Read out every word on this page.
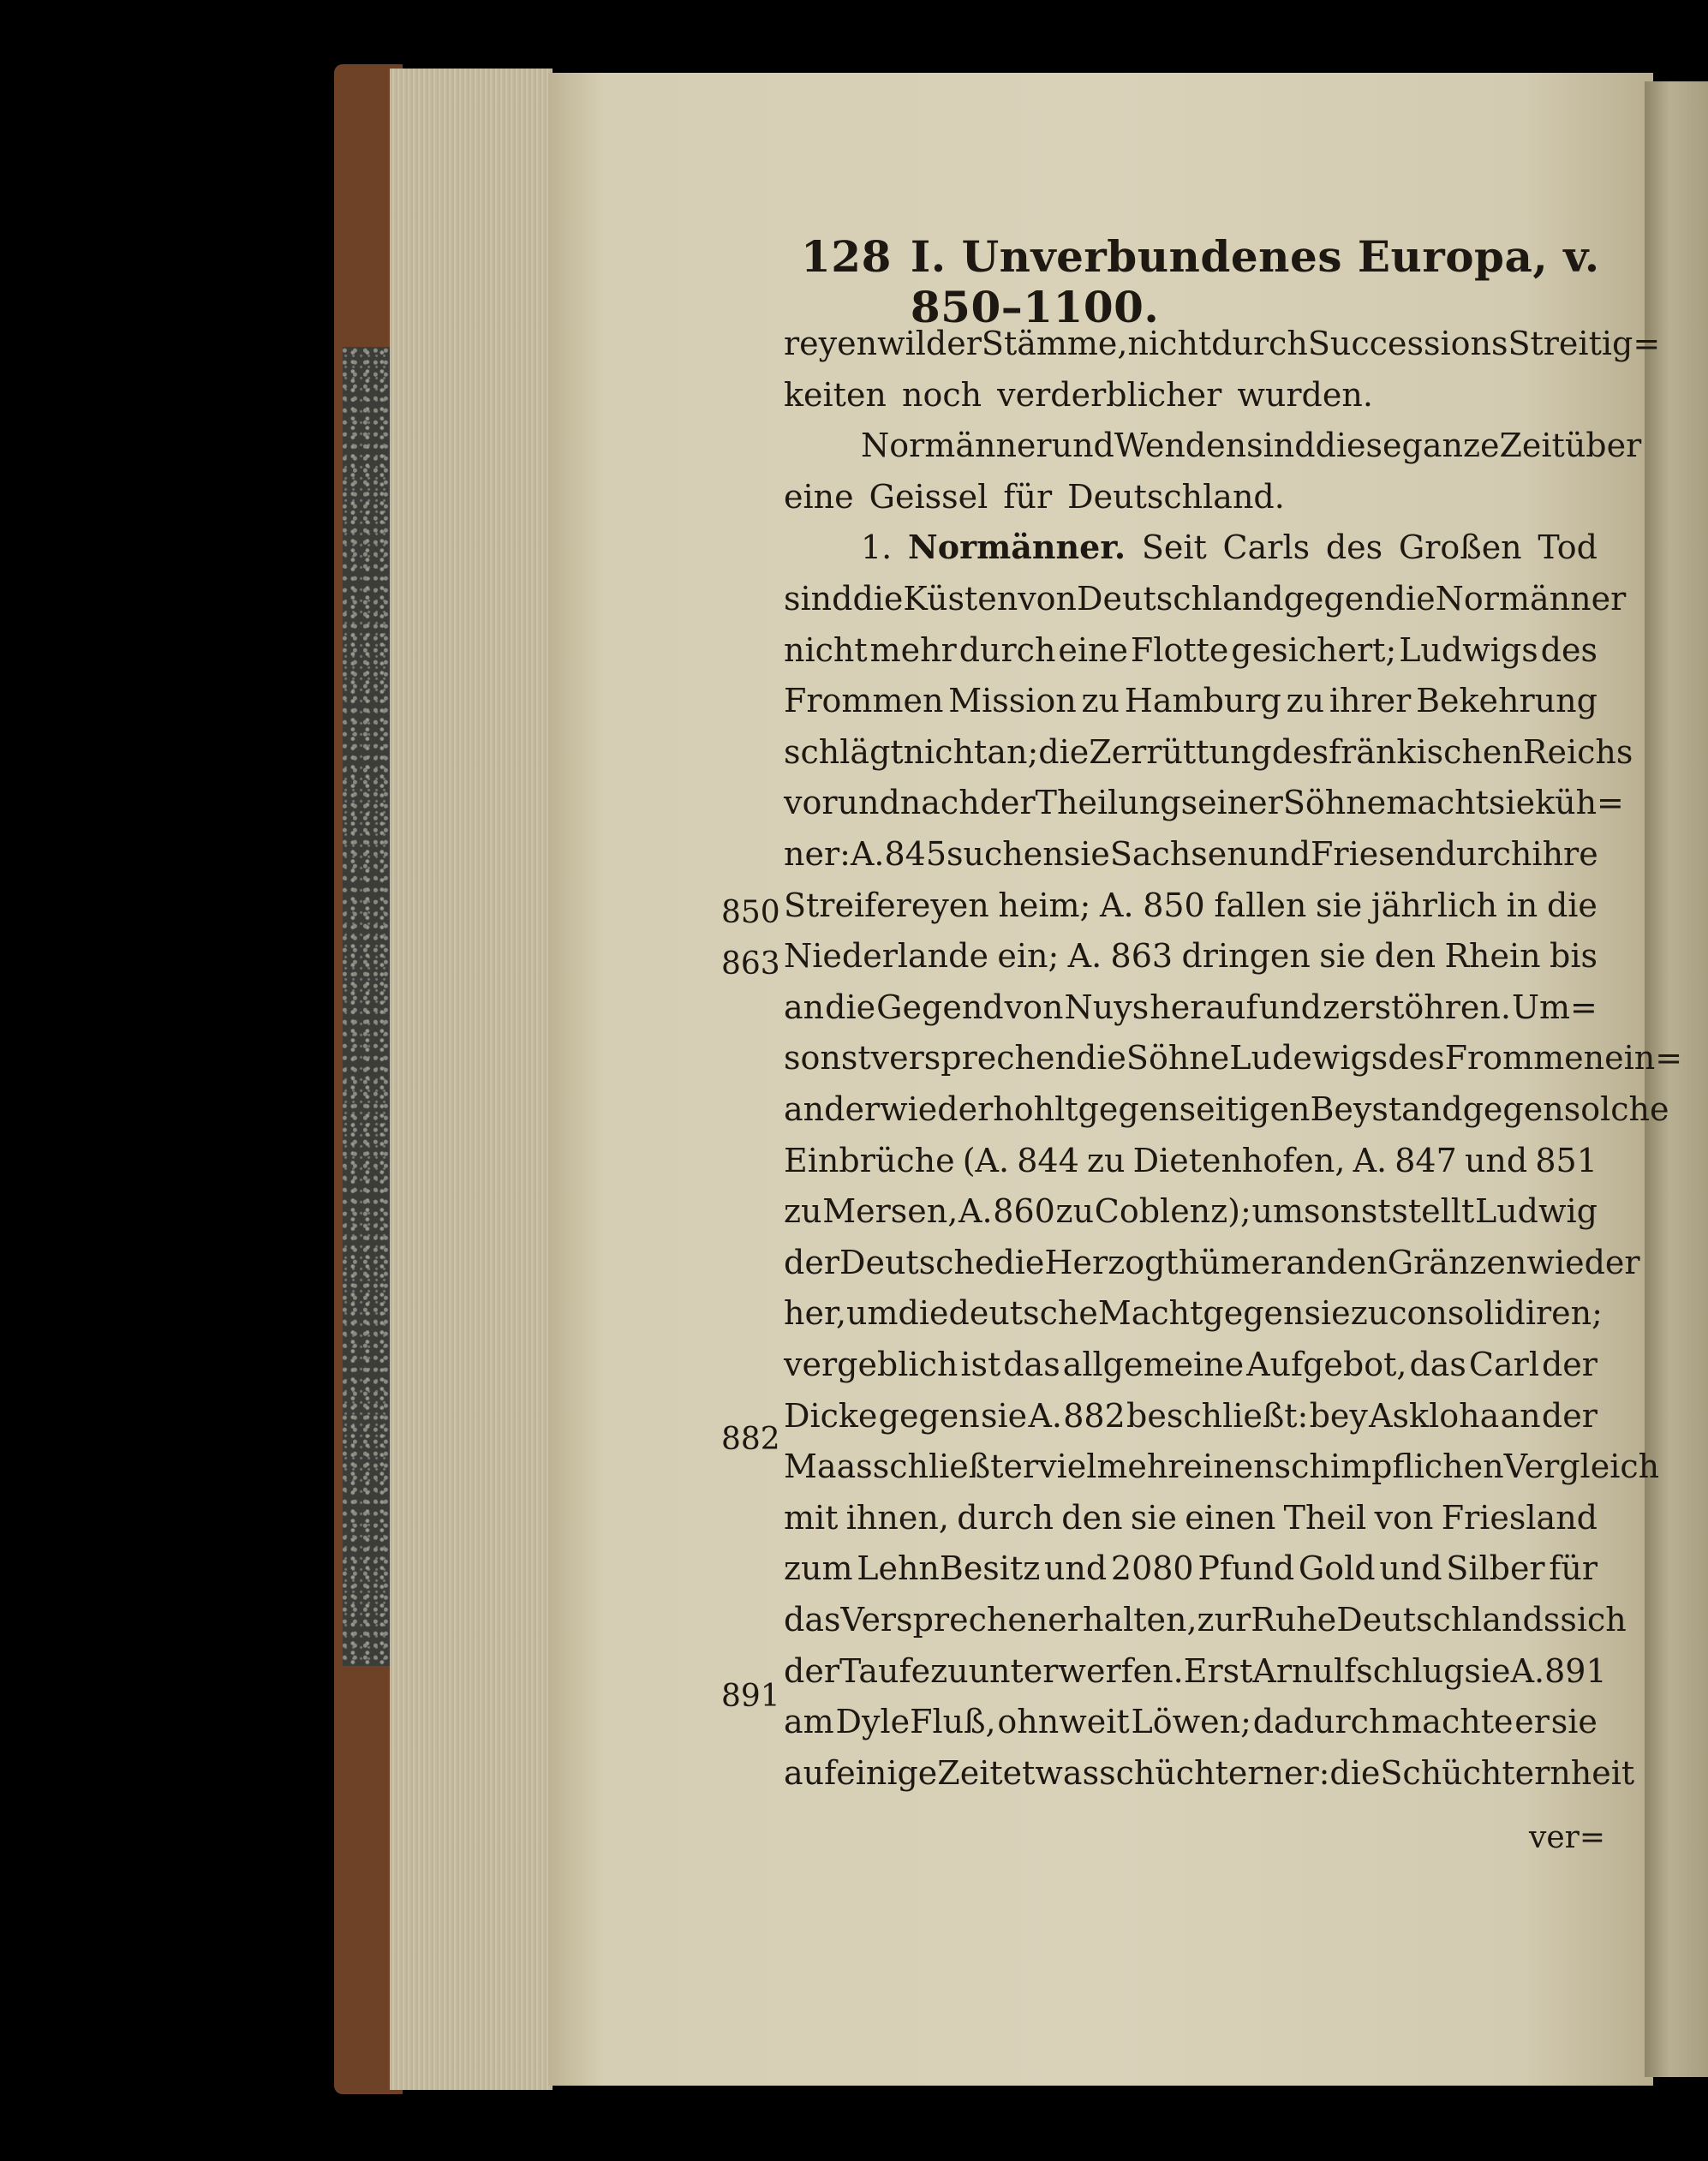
128 I. Unverbundenes Europa, v. 850–1100.
reyen wilder Stämme, nicht durch SuccessionsStreitig=
keiten noch verderblicher wurden.
Normänner und Wenden sind diese ganze Zeit über
eine Geissel für Deutschland.
1. Normänner. Seit Carls des Großen Tod
sind die Küsten von Deutschland gegen die Normänner
nicht mehr durch eine Flotte gesichert; Ludwigs des
Frommen Mission zu Hamburg zu ihrer Bekehrung
schlägt nicht an; die Zerrüttung des fränkischen Reichs
vor und nach der Theilung seiner Söhne macht sie küh=
ner: A. 845 suchen sie Sachsen und Friesen durch ihre
Streifereyen heim; A. 850 fallen sie jährlich in die
Niederlande ein; A. 863 dringen sie den Rhein bis
an die Gegend von Nuys herauf und zerstöhren. Um=
sonst versprechen die Söhne Ludewigs des Frommen ein=
ander wiederhohlt gegenseitigen Beystand gegen solche
Einbrüche (A. 844 zu Dietenhofen, A. 847 und 851
zu Mersen, A. 860 zu Coblenz); umsonst stellt Ludwig
der Deutsche die Herzogthümer an den Gränzen wieder
her, um die deutsche Macht gegen sie zu consolidiren;
vergeblich ist das allgemeine Aufgebot, das Carl der
Dicke gegen sie A. 882 beschließt: bey Askloha an der
Maas schließt er vielmehr einen schimpflichen Vergleich
mit ihnen, durch den sie einen Theil von Friesland
zum LehnBesitz und 2080 Pfund Gold und Silber für
das Versprechen erhalten, zur Ruhe Deutschlands sich
der Taufe zu unterwerfen. Erst Arnulf schlug sie A. 891
am DyleFluß, ohnweit Löwen; dadurch machte er sie
auf einige Zeit etwas schüchterner: die Schüchternheit
850
863
882
891
ver=
